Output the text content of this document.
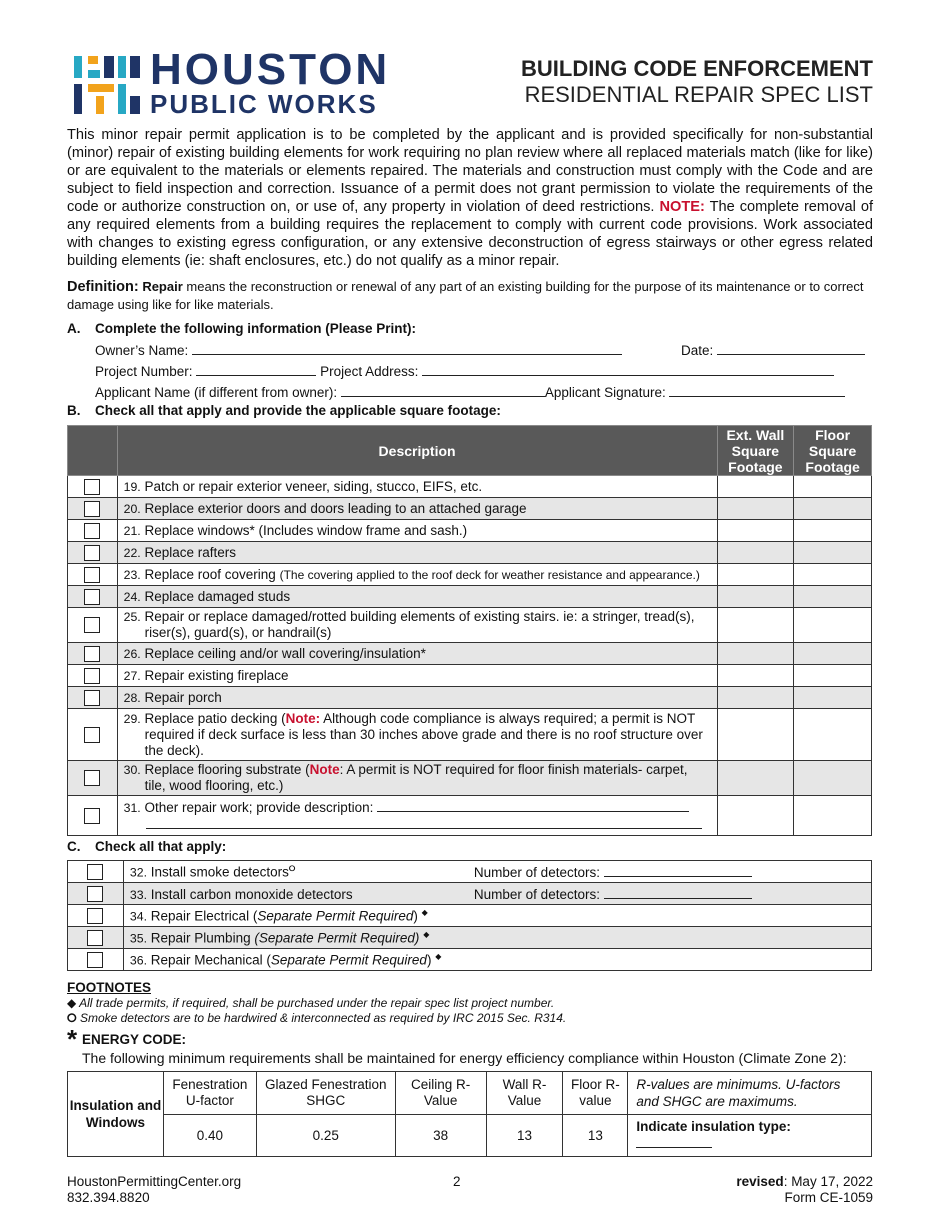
HOUSTON
PUBLIC WORKS
BUILDING CODE ENFORCEMENT
RESIDENTIAL REPAIR SPEC LIST
This minor repair permit application is to be completed by the applicant and is provided specifically for non-substantial (minor) repair of existing building elements for work requiring no plan review where all replaced materials match (like for like) or are equivalent to the materials or elements repaired. The materials and construction must comply with the Code and are subject to field inspection and correction. Issuance of a permit does not grant permission to violate the requirements of the code or authorize construction on, or use of, any property in violation of deed restrictions. NOTE: The complete removal of any required elements from a building requires the replacement to comply with current code provisions. Work associated with changes to existing egress configuration, or any extensive deconstruction of egress stairways or other egress related building elements (ie: shaft enclosures, etc.) do not qualify as a minor repair.
Definition: Repair means the reconstruction or renewal of any part of an existing building for the purpose of its maintenance or to correct damage using like for like materials.
A. Complete the following information (Please Print):
Owner’s Name:	Date:
Project Number:	Project Address:
Applicant Name (if different from owner):	Applicant Signature:
B. Check all that apply and provide the applicable square footage:
	Description	Ext. Wall Square Footage	Floor Square Footage

	19. Patch or repair exterior veneer, siding, stucco, EIFS, etc.		

	20. Replace exterior doors and doors leading to an attached garage		

	21. Replace windows* (Includes window frame and sash.)		

	22. Replace rafters		

	23. Replace roof covering (The covering applied to the roof deck for weather resistance and appearance.)		

	24. Replace damaged studs		

	25. Repair or replace damaged/rotted building elements of existing stairs. ie: a stringer, tread(s), riser(s), guard(s), or handrail(s)		

	26. Replace ceiling and/or wall covering/insulation*		

	27. Repair existing fireplace		

	28. Repair porch		

	29. Replace patio decking (Note: Although code compliance is always required; a permit is NOT required if deck surface is less than 30 inches above grade and there is no roof structure over the deck).		

	30. Replace flooring substrate (Note: A permit is NOT required for floor finish materials- carpet, tile, wood flooring, etc.)		

	31. Other repair work; provide description:		

C. Check all that apply:
	32. Install smoke detectors⭘ Number of detectors:

	33. Install carbon monoxide detectors Number of detectors:

	34. Repair Electrical (Separate Permit Required) ◆

	35. Repair Plumbing (Separate Permit Required) ◆

	36. Repair Mechanical (Separate Permit Required) ◆
FOOTNOTES
◆ All trade permits, if required, shall be purchased under the repair spec list project number.
⭘ Smoke detectors are to be hardwired & interconnected as required by IRC 2015 Sec. R314.
* ENERGY CODE:
The following minimum requirements shall be maintained for energy efficiency compliance within Houston (Climate Zone 2):
Insulation and Windows	Fenestration U-factor	Glazed Fenestration SHGC	Ceiling R-Value	Wall R-Value	Floor R-value	R-values are minimums. U-factors and SHGC are maximums.
	0.40	0.25	38	13	13	Indicate insulation type:
HoustonPermittingCenter.org
832.394.8820
2	revised: May 17, 2022
Form CE-1059
